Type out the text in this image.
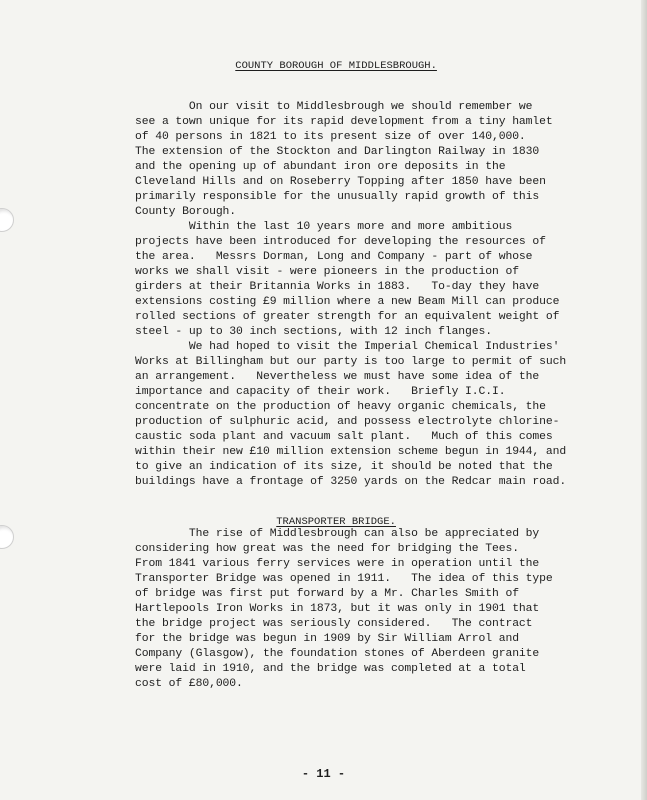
COUNTY BOROUGH OF MIDDLESBROUGH.

On our visit to Middlesbrough we should remember we
see a town unique for its rapid development from a tiny hamlet
of 40 persons in 1821 to its present size of over 140,000.
The extension of the Stockton and Darlington Railway in 1830
and the opening up of abundant iron ore deposits in the
Cleveland Hills and on Roseberry Topping after 1850 have been
primarily responsible for the unusually rapid growth of this
County Borough.
Within the last 10 years more and more ambitious
projects have been introduced for developing the resources of
the area.   Messrs Dorman, Long and Company - part of whose
works we shall visit - were pioneers in the production of
girders at their Britannia Works in 1883.   To-day they have
extensions costing £9 million where a new Beam Mill can produce
rolled sections of greater strength for an equivalent weight of
steel - up to 30 inch sections, with 12 inch flanges.
We had hoped to visit the Imperial Chemical Industries'
Works at Billingham but our party is too large to permit of such
an arrangement.   Nevertheless we must have some idea of the
importance and capacity of their work.   Briefly I.C.I.
concentrate on the production of heavy organic chemicals, the
production of sulphuric acid, and possess electrolyte chlorine-
caustic soda plant and vacuum salt plant.   Much of this comes
within their new £10 million extension scheme begun in 1944, and
to give an indication of its size, it should be noted that the
buildings have a frontage of 3250 yards on the Redcar main road.

TRANSPORTER BRIDGE.

The rise of Middlesbrough can also be appreciated by
considering how great was the need for bridging the Tees.
From 1841 various ferry services were in operation until the
Transporter Bridge was opened in 1911.   The idea of this type
of bridge was first put forward by a Mr. Charles Smith of
Hartlepools Iron Works in 1873, but it was only in 1901 that
the bridge project was seriously considered.   The contract
for the bridge was begun in 1909 by Sir William Arrol and
Company (Glasgow), the foundation stones of Aberdeen granite
were laid in 1910, and the bridge was completed at a total
cost of £80,000.
- 11 -
